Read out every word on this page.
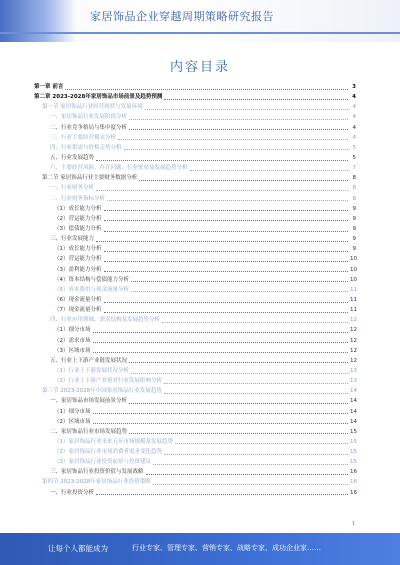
家居饰品企业穿越周期策略研究报告
内容目录
第一章 前言	3
第二章 2023-2028年家居饰品市场前景及趋势预测	4
第一节 家居饰品行业经营现状与发展环境	4
一、家居饰品行业发展阶段分析	4
二、行业竞争格局与集中度分析	4
三、行业主要经营模式分析	4
四、行业供需与价格走势分析	5
五、行业发展趋势	5
六、主要经营风险、存在问题、行业壁垒及发展趋势分析	7
第二节 家居饰品行业主要财务数据分析	8
一、行业财务分析	8
二、行业财务指标分析	8
（1）成长能力分析	9
（2）营运能力分析	9
（3）偿债能力分析	9
三、行业发展能力	9
（1）成长能力分析	9
（2）营运能力分析	10
（3）盈利能力分析	10
（4）资本结构与偿债能力分析	10
（5）成本费用与现金流量分析	11
（6）现金流量分析	11
（7）现金流量分析	11
四、行业应用领域、需求结构及发展趋势分析	12
（1）细分市场	12
（2）需求市场	12
（3）区域市场	12
五、行业上下游产业链发展状况	12
（1）行业上下游发展状况分析	13
（2）行业上下游产业链对行业发展影响分析	13
第三节 2023-2028年中国家居饰品行业发展趋势	14
一、家居饰品市场发展前景分析	14
（1）细分市场	14
（2）区域市场	14
二、家居饰品行业市场发展趋势	15
（1）家居饰品行业未来五年市场规模及发展趋势	15
（2）家居饰品行业市场消费者需求变化趋势	15
（3）家居饰品行业投资前景与投资建议	15
三、家居饰品行业投资价值与发展战略	16
第四节 2023-2028年家居饰品行业投资策略	16
一、行业投资分析	16
1
让每个人都能成为	行业专家、管理专家、营销专家、战略专家、成功企业家……
